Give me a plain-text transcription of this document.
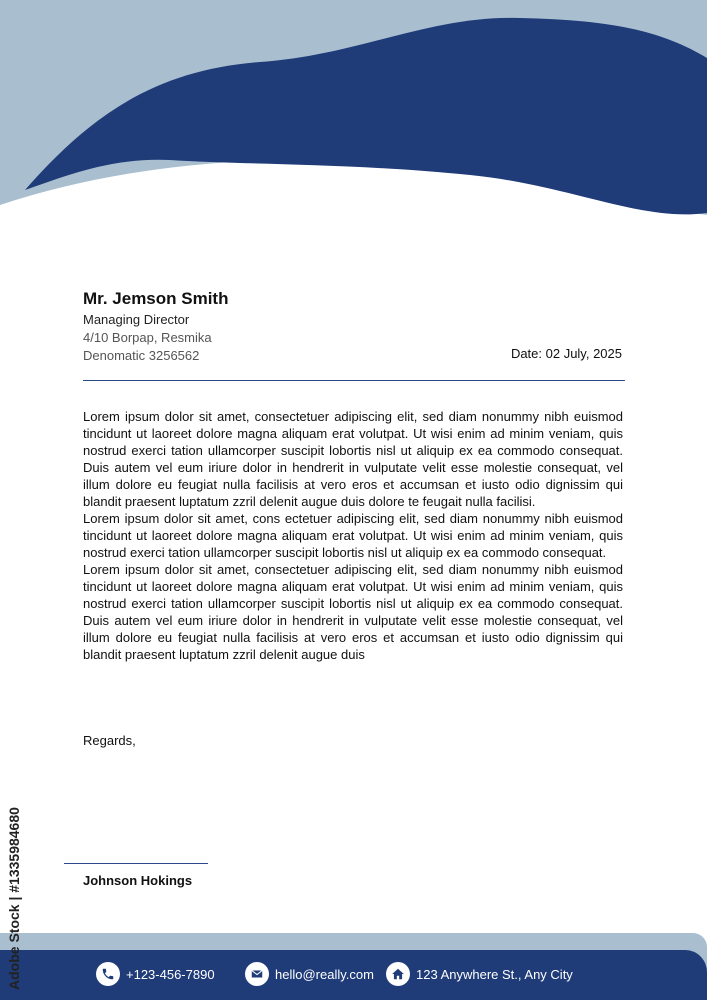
Mr. Jemson Smith
Managing Director
4/10 Borpap, Resmika
Denomatic 3256562	Date: 02 July, 2025

Lorem ipsum dolor sit amet, consectetuer adipiscing elit, sed diam nonummy nibh euismod tincidunt ut laoreet dolore magna aliquam erat volutpat. Ut wisi enim ad minim veniam, quis nostrud exerci tation ullamcorper suscipit lobortis nisl ut aliquip ex ea commodo consequat. Duis autem vel eum iriure dolor in hendrerit in vulputate velit esse molestie consequat, vel illum dolore eu feugiat nulla facilisis at vero eros et accumsan et iusto odio dignissim qui blandit praesent luptatum zzril delenit augue duis dolore te feugait nulla facilisi.

Lorem ipsum dolor sit amet, cons ectetuer adipiscing elit, sed diam nonummy nibh euismod tincidunt ut laoreet dolore magna aliquam erat volutpat. Ut wisi enim ad minim veniam, quis nostrud exerci tation ullamcorper suscipit lobortis nisl ut aliquip ex ea commodo consequat.

Lorem ipsum dolor sit amet, consectetuer adipiscing elit, sed diam nonummy nibh euismod tincidunt ut laoreet dolore magna aliquam erat volutpat. Ut wisi enim ad minim veniam, quis nostrud exerci tation ullamcorper suscipit lobortis nisl ut aliquip ex ea commodo consequat. Duis autem vel eum iriure dolor in hendrerit in vulputate velit esse molestie consequat, vel illum dolore eu feugiat nulla facilisis at vero eros et accumsan et iusto odio dignissim qui blandit praesent luptatum zzril delenit augue duis

Regards,
Johnson Hokings
+123-456-7890	hello@really.com	123 Anywhere St., Any City
Adobe Stock | #1335984680
